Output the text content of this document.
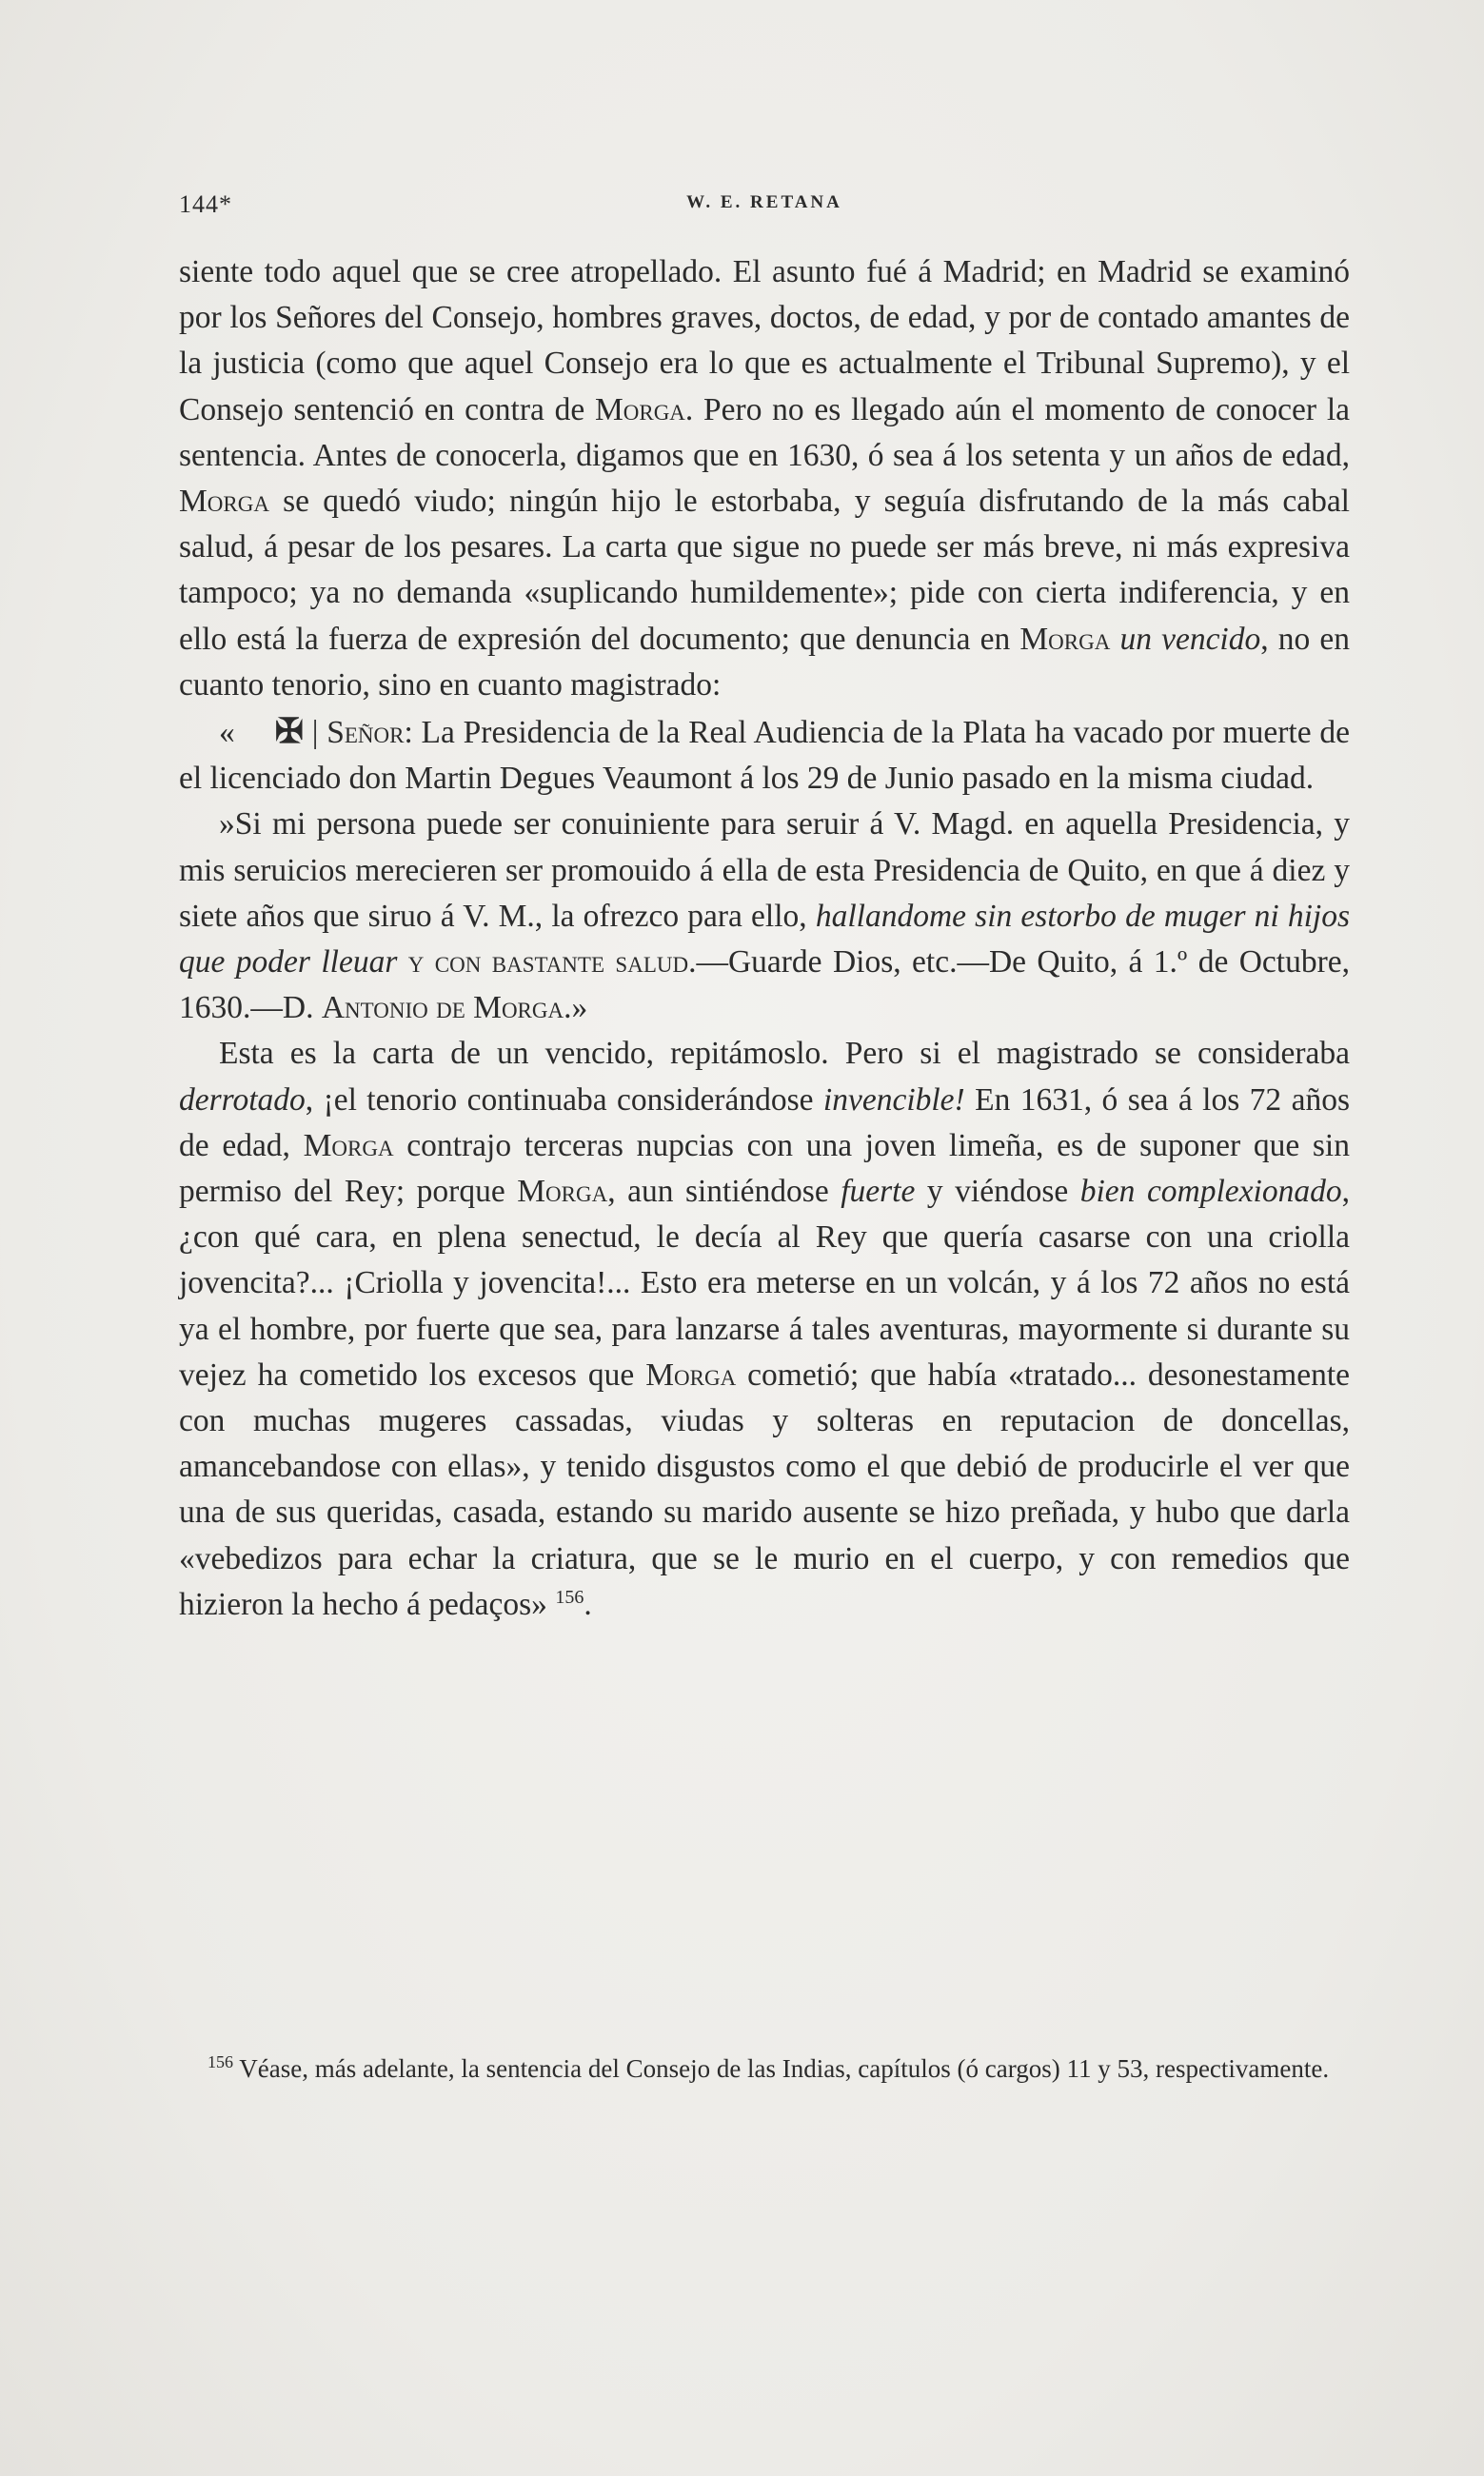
144*	W. E. RETANA

siente todo aquel que se cree atropellado. El asunto fué á Madrid; en Madrid se examinó por los Señores del Consejo, hombres graves, doctos, de edad, y por de contado amantes de la justicia (como que aquel Consejo era lo que es actualmente el Tribunal Supremo), y el Consejo sentenció en contra de Morga. Pero no es llegado aún el momento de conocer la sentencia. Antes de conocerla, digamos que en 1630, ó sea á los setenta y un años de edad, Morga se quedó viudo; ningún hijo le estorbaba, y seguía disfrutando de la más cabal salud, á pesar de los pesares. La carta que sigue no puede ser más breve, ni más expresiva tampoco; ya no demanda «suplicando humildemente»; pide con cierta indiferencia, y en ello está la fuerza de expresión del documento; que denuncia en Morga un vencido, no en cuanto tenorio, sino en cuanto magistrado:

« ✠ | Señor: La Presidencia de la Real Audiencia de la Plata ha vacado por muerte de el licenciado don Martin Degues Veaumont á los 29 de Junio pasado en la misma ciudad.

»Si mi persona puede ser conuiniente para seruir á V. Magd. en aquella Presidencia, y mis seruicios merecieren ser promouido á ella de esta Presidencia de Quito, en que á diez y siete años que siruo á V. M., la ofrezco para ello, hallandome sin estorbo de muger ni hijos que poder lleuar y con bastante salud.—Guarde Dios, etc.—De Quito, á 1.º de Octubre, 1630.—D. Antonio de Morga.»

Esta es la carta de un vencido, repitámoslo. Pero si el magistrado se consideraba derrotado, ¡el tenorio continuaba considerándose invencible! En 1631, ó sea á los 72 años de edad, Morga contrajo terceras nupcias con una joven limeña, es de suponer que sin permiso del Rey; porque Morga, aun sintiéndose fuerte y viéndose bien complexionado, ¿con qué cara, en plena senectud, le decía al Rey que quería casarse con una criolla jovencita?... ¡Criolla y jovencita!... Esto era meterse en un volcán, y á los 72 años no está ya el hombre, por fuerte que sea, para lanzarse á tales aventuras, mayormente si durante su vejez ha cometido los excesos que Morga cometió; que había «tratado... desonestamente con muchas mugeres cassadas, viudas y solteras en reputacion de doncellas, amancebandose con ellas», y tenido disgustos como el que debió de producirle el ver que una de sus queridas, casada, estando su marido ausente se hizo preñada, y hubo que darla «vebedizos para echar la criatura, que se le murio en el cuerpo, y con remedios que hizieron la hecho á pedaços» $^{156}$.

$^{156}$ Véase, más adelante, la sentencia del Consejo de las Indias, capítulos (ó cargos) 11 y 53, respectivamente.
